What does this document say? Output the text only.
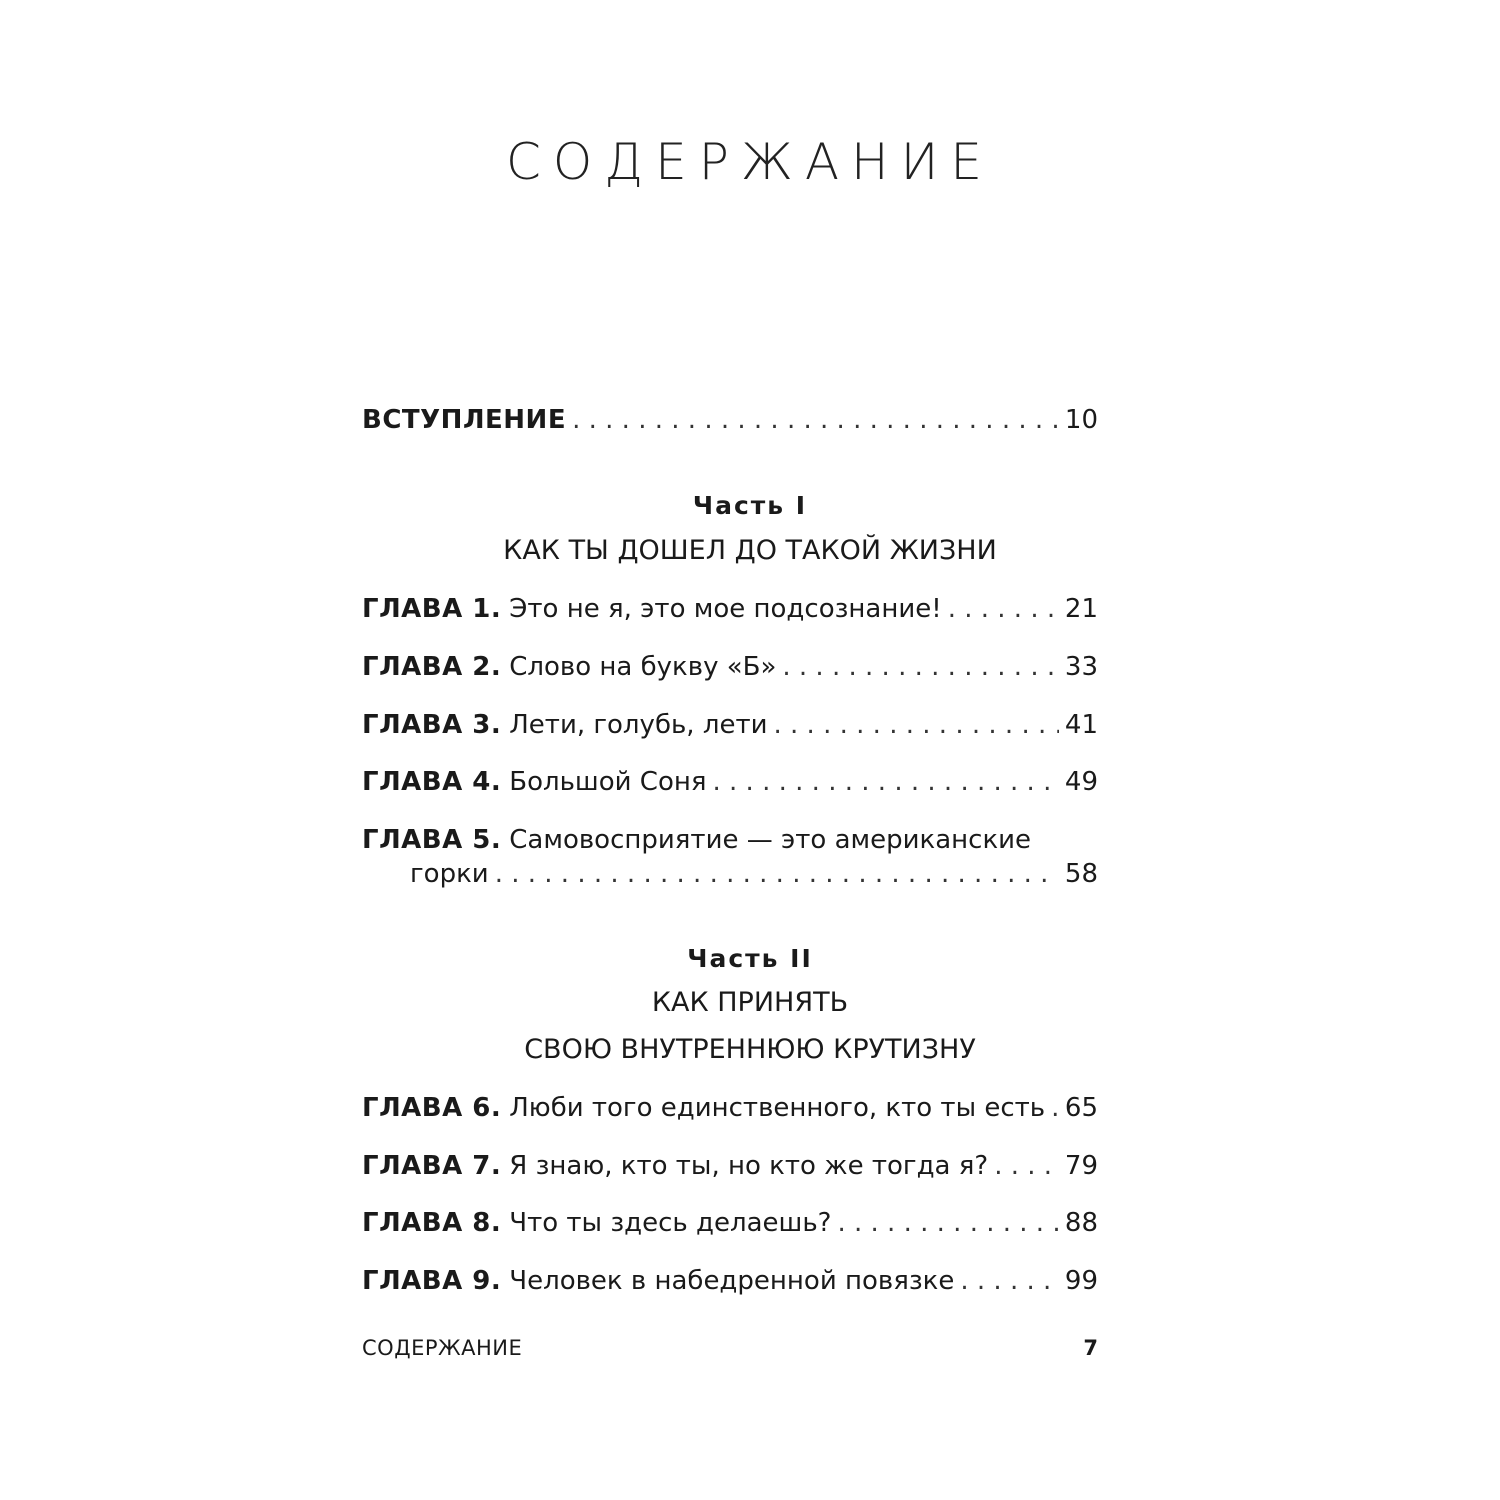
СОДЕРЖАНИЕ
ВСТУПЛЕНИЕ . . .	10
Часть I
КАК ТЫ ДОШЕЛ ДО ТАКОЙ ЖИЗНИ
ГЛАВА 1. Это не я, это мое подсознание! . . .	21
ГЛАВА 2. Слово на букву «Б» . . .	33
ГЛАВА 3. Лети, голубь, лети . . .	41
ГЛАВА 4. Большой Соня . . .	49
ГЛАВА 5. Самовосприятие — это американские
горки . . .	58
Часть II
КАК ПРИНЯТЬ
СВОЮ ВНУТРЕННЮЮ КРУТИЗНУ
ГЛАВА 6. Люби того единственного, кто ты есть . . . 65
ГЛАВА 7. Я знаю, кто ты, но кто же тогда я? . . .	79
ГЛАВА 8. Что ты здесь делаешь? . . .	88
ГЛАВА 9. Человек в набедренной повязке . . .	99
СОДЕРЖАНИЕ	7
